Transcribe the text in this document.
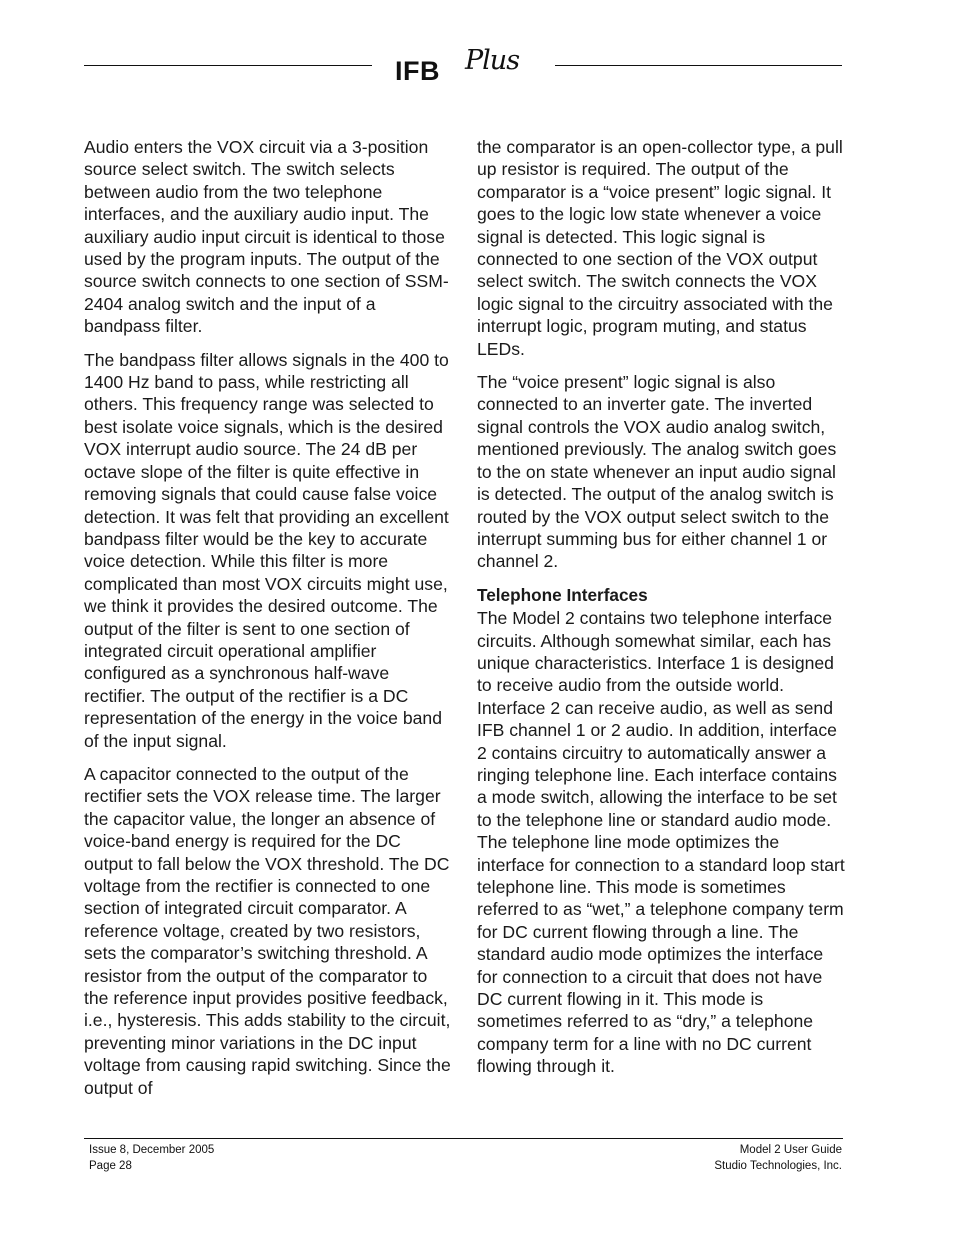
IFB Plus

Audio enters the VOX circuit via a 3-position source select switch. The switch selects between audio from the two telephone interfaces, and the auxiliary audio input. The auxiliary audio input circuit is identical to those used by the program inputs. The output of the source switch connects to one section of SSM-2404 analog switch and the input of a bandpass filter.

The bandpass filter allows signals in the 400 to 1400 Hz band to pass, while restricting all others. This frequency range was selected to best isolate voice signals, which is the desired VOX interrupt audio source. The 24 dB per octave slope of the filter is quite effective in removing signals that could cause false voice detection. It was felt that providing an excellent bandpass filter would be the key to accurate voice detection. While this filter is more complicated than most VOX circuits might use, we think it provides the desired outcome. The output of the filter is sent to one section of integrated circuit operational amplifier configured as a synchronous half-wave rectifier. The output of the rectifier is a DC representation of the energy in the voice band of the input signal.

A capacitor connected to the output of the rectifier sets the VOX release time. The larger the capacitor value, the longer an absence of voice-band energy is required for the DC output to fall below the VOX threshold. The DC voltage from the rectifier is connected to one section of integrated circuit comparator. A reference voltage, created by two resistors, sets the comparator’s switching threshold. A resistor from the output of the comparator to the reference input provides positive feedback, i.e., hysteresis. This adds stability to the circuit, preventing minor variations in the DC input voltage from causing rapid switching. Since the output of

the comparator is an open-collector type, a pull up resistor is required. The output of the comparator is a “voice present” logic signal. It goes to the logic low state whenever a voice signal is detected. This logic signal is connected to one section of the VOX output select switch. The switch connects the VOX logic signal to the circuitry associated with the interrupt logic, program muting, and status LEDs.

The “voice present” logic signal is also connected to an inverter gate. The inverted signal controls the VOX audio analog switch, mentioned previously. The analog switch goes to the on state whenever an input audio signal is detected. The output of the analog switch is routed by the VOX output select switch to the interrupt summing bus for either channel 1 or channel 2.

Telephone Interfaces

The Model 2 contains two telephone interface circuits. Although somewhat similar, each has unique characteristics. Interface 1 is designed to receive audio from the outside world. Interface 2 can receive audio, as well as send IFB channel 1 or 2 audio. In addition, interface 2 contains circuitry to automatically answer a ringing telephone line. Each interface contains a mode switch, allowing the interface to be set to the telephone line or standard audio mode. The telephone line mode optimizes the interface for connection to a standard loop start telephone line. This mode is sometimes referred to as “wet,” a telephone company term for DC current flowing through a line. The standard audio mode optimizes the interface for connection to a circuit that does not have DC current flowing in it. This mode is sometimes referred to as “dry,” a telephone company term for a line with no DC current flowing through it.

Issue 8, December 2005
Page 28
Model 2 User Guide
Studio Technologies, Inc.
